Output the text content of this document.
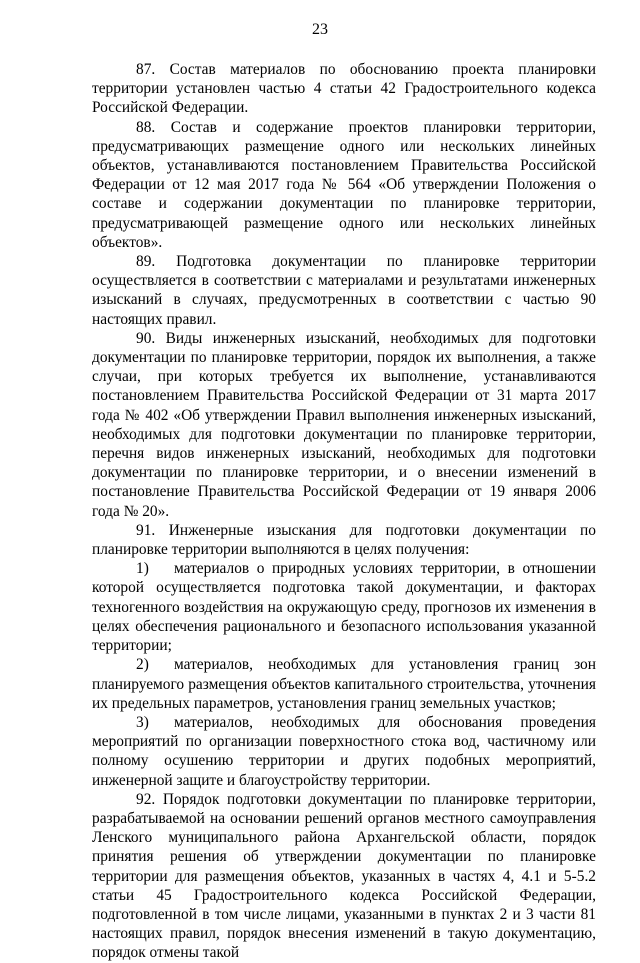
23

87. Состав материалов по обоснованию проекта планировки территории установлен частью 4 статьи 42 Градостроительного кодекса Российской Федерации.

88. Состав и содержание проектов планировки территории, предусматривающих размещение одного или нескольких линейных объектов, устанавливаются постановлением Правительства Российской Федерации от 12 мая 2017 года № 564 «Об утверждении Положения о составе и содержании документации по планировке территории, предусматривающей размещение одного или нескольких линейных объектов».

89. Подготовка документации по планировке территории осуществляется в соответствии с материалами и результатами инженерных изысканий в случаях, предусмотренных в соответствии с частью 90 настоящих правил.

90. Виды инженерных изысканий, необходимых для подготовки документации по планировке территории, порядок их выполнения, а также случаи, при которых требуется их выполнение, устанавливаются постановлением Правительства Российской Федерации от 31 марта 2017 года № 402 «Об утверждении Правил выполнения инженерных изысканий, необходимых для подготовки документации по планировке территории, перечня видов инженерных изысканий, необходимых для подготовки документации по планировке территории, и о внесении изменений в постановление Правительства Российской Федерации от 19 января 2006 года № 20».

91. Инженерные изыскания для подготовки документации по планировке территории выполняются в целях получения:

1) материалов о природных условиях территории, в отношении которой осуществляется подготовка такой документации, и факторах техногенного воздействия на окружающую среду, прогнозов их изменения в целях обеспечения рационального и безопасного использования указанной территории;

2) материалов, необходимых для установления границ зон планируемого размещения объектов капитального строительства, уточнения их предельных параметров, установления границ земельных участков;

3) материалов, необходимых для обоснования проведения мероприятий по организации поверхностного стока вод, частичному или полному осушению территории и других подобных мероприятий, инженерной защите и благоустройству территории.

92. Порядок подготовки документации по планировке территории, разрабатываемой на основании решений органов местного самоуправления Ленского муниципального района Архангельской области, порядок принятия решения об утверждении документации по планировке территории для размещения объектов, указанных в частях 4, 4.1 и 5-5.2 статьи 45 Градостроительного кодекса Российской Федерации, подготовленной в том числе лицами, указанными в пунктах 2 и 3 части 81 настоящих правил, порядок внесения изменений в такую документацию, порядок отмены такой
